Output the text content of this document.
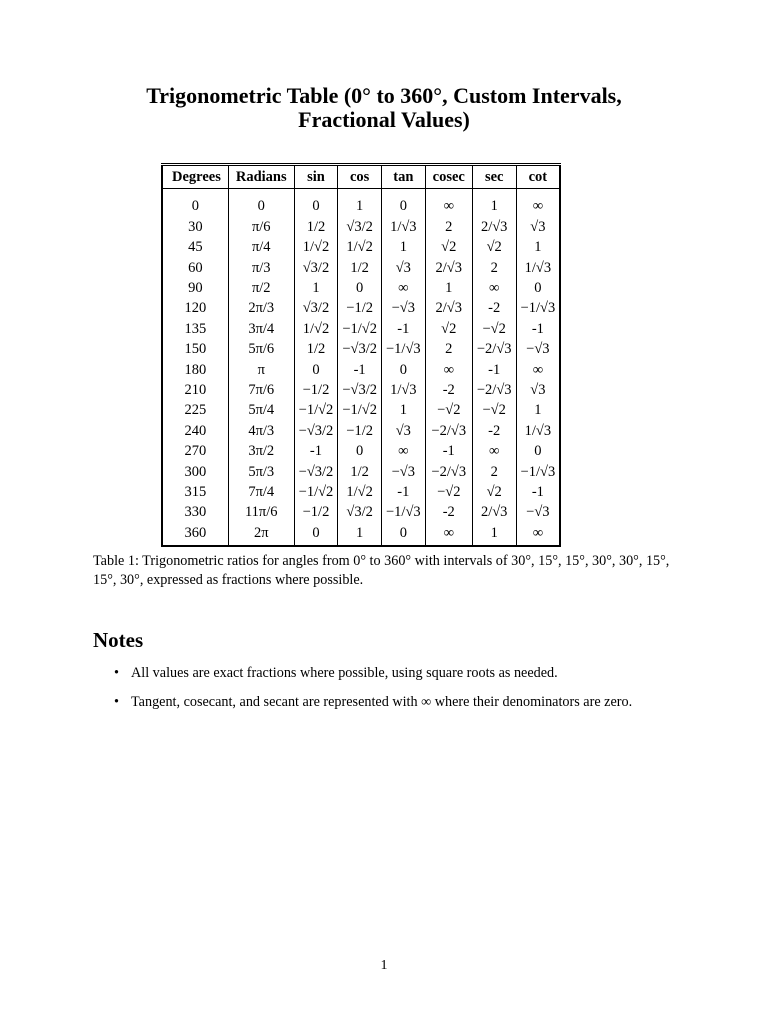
Trigonometric Table (0° to 360°, Custom Intervals,
Fractional Values)
Degrees	Radians	sin	cos	tan	cosec	sec	cot

0	0	0	1	0	∞	1	∞
30	π/6	1/2	√3/2	1/√3	2	2/√3	√3
45	π/4	1/√2	1/√2	1	√2	√2	1
60	π/3	√3/2	1/2	√3	2/√3	2	1/√3
90	π/2	1	0	∞	1	∞	0
120	2π/3	√3/2	−1/2	−√3	2/√3	-2	−1/√3
135	3π/4	1/√2	−1/√2	-1	√2	−√2	-1
150	5π/6	1/2	−√3/2	−1/√3	2	−2/√3	−√3
180	π	0	-1	0	∞	-1	∞
210	7π/6	−1/2	−√3/2	1/√3	-2	−2/√3	√3
225	5π/4	−1/√2	−1/√2	1	−√2	−√2	1
240	4π/3	−√3/2	−1/2	√3	−2/√3	-2	1/√3
270	3π/2	-1	0	∞	-1	∞	0
300	5π/3	−√3/2	1/2	−√3	−2/√3	2	−1/√3
315	7π/4	−1/√2	1/√2	-1	−√2	√2	-1
330	11π/6	−1/2	√3/2	−1/√3	-2	2/√3	−√3
360	2π	0	1	0	∞	1	∞
Table 1: Trigonometric ratios for angles from 0° to 360° with intervals of 30°, 15°, 15°, 30°, 30°, 15°, 15°, 30°, expressed as fractions where possible.
Notes
• All values are exact fractions where possible, using square roots as needed.
• Tangent, cosecant, and secant are represented with ∞ where their denominators are zero.
1
